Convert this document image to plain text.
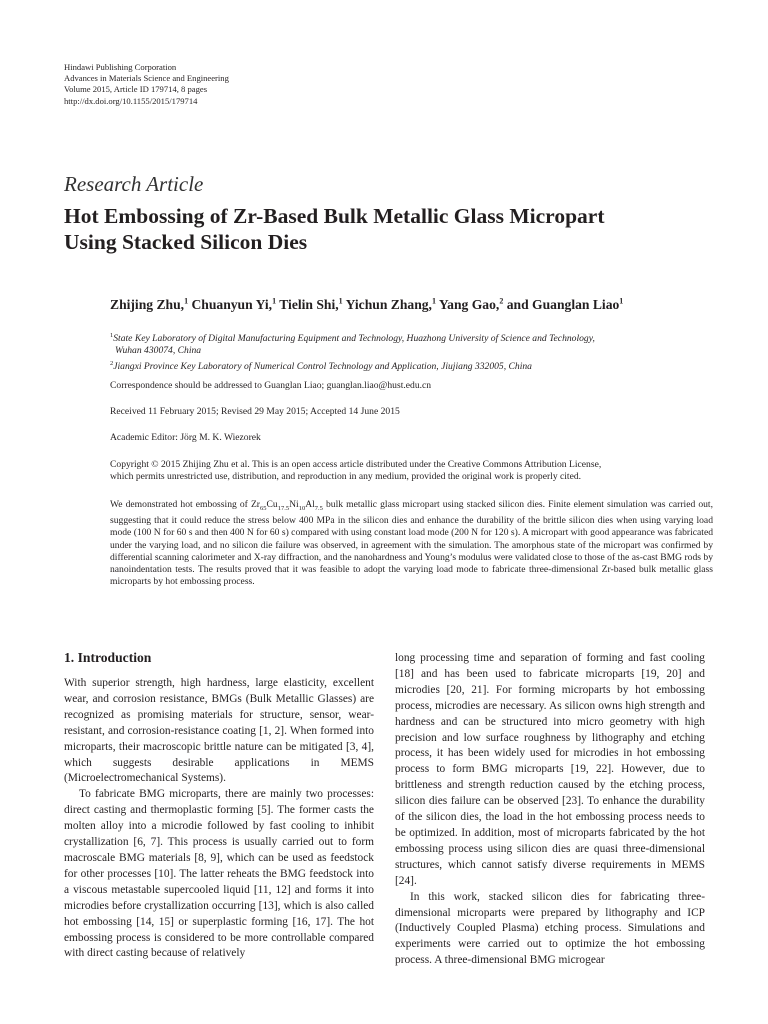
Hindawi Publishing Corporation
Advances in Materials Science and Engineering
Volume 2015, Article ID 179714, 8 pages
http://dx.doi.org/10.1155/2015/179714
Research Article
Hot Embossing of Zr-Based Bulk Metallic Glass Micropart
Using Stacked Silicon Dies
Zhijing Zhu,$^1$ Chuanyun Yi,$^1$ Tielin Shi,$^1$ Yichun Zhang,$^1$ Yang Gao,$^2$ and Guanglan Liao$^1$
$^1$State Key Laboratory of Digital Manufacturing Equipment and Technology, Huazhong University of Science and Technology,
Wuhan 430074, China
$^2$Jiangxi Province Key Laboratory of Numerical Control Technology and Application, Jiujiang 332005, China
Correspondence should be addressed to Guanglan Liao; guanglan.liao@hust.edu.cn
Received 11 February 2015; Revised 29 May 2015; Accepted 14 June 2015
Academic Editor: Jörg M. K. Wiezorek
Copyright © 2015 Zhijing Zhu et al. This is an open access article distributed under the Creative Commons Attribution License,
which permits unrestricted use, distribution, and reproduction in any medium, provided the original work is properly cited.
We demonstrated hot embossing of $Zr_{65}Cu_{17.5}Ni_{10}Al_{7.5}$ bulk metallic glass micropart using stacked silicon dies. Finite element simulation was carried out, suggesting that it could reduce the stress below 400 MPa in the silicon dies and enhance the durability of the brittle silicon dies when using varying load mode (100 N for 60 s and then 400 N for 60 s) compared with using constant load mode (200 N for 120 s). A micropart with good appearance was fabricated under the varying load, and no silicon die failure was observed, in agreement with the simulation. The amorphous state of the micropart was confirmed by differential scanning calorimeter and X-ray diffraction, and the nanohardness and Young’s modulus were validated close to those of the as-cast BMG rods by nanoindentation tests. The results proved that it was feasible to adopt the varying load mode to fabricate three-dimensional Zr-based bulk metallic glass microparts by hot embossing process.
1. Introduction

With superior strength, high hardness, large elasticity, excellent wear, and corrosion resistance, BMGs (Bulk Metallic Glasses) are recognized as promising materials for structure, sensor, wear-resistant, and corrosion-resistance coating [1, 2]. When formed into microparts, their macroscopic brittle nature can be mitigated [3, 4], which suggests desirable applications in MEMS (Microelectromechanical Systems).

To fabricate BMG microparts, there are mainly two processes: direct casting and thermoplastic forming [5]. The former casts the molten alloy into a microdie followed by fast cooling to inhibit crystallization [6, 7]. This process is usually carried out to form macroscale BMG materials [8, 9], which can be used as feedstock for other processes [10]. The latter reheats the BMG feedstock into a viscous metastable supercooled liquid [11, 12] and forms it into microdies before crystallization occurring [13], which is also called hot embossing [14, 15] or superplastic forming [16, 17]. The hot embossing process is considered to be more controllable compared with direct casting because of relatively

long processing time and separation of forming and fast cooling [18] and has been used to fabricate microparts [19, 20] and microdies [20, 21]. For forming microparts by hot embossing process, microdies are necessary. As silicon owns high strength and hardness and can be structured into micro geometry with high precision and low surface roughness by lithography and etching process, it has been widely used for microdies in hot embossing process to form BMG microparts [19, 22]. However, due to brittleness and strength reduction caused by the etching process, silicon dies failure can be observed [23]. To enhance the durability of the silicon dies, the load in the hot embossing process needs to be optimized. In addition, most of microparts fabricated by the hot embossing process using silicon dies are quasi three-dimensional structures, which cannot satisfy diverse requirements in MEMS [24].

In this work, stacked silicon dies for fabricating three-dimensional microparts were prepared by lithography and ICP (Inductively Coupled Plasma) etching process. Simulations and experiments were carried out to optimize the hot embossing process. A three-dimensional BMG microgear
